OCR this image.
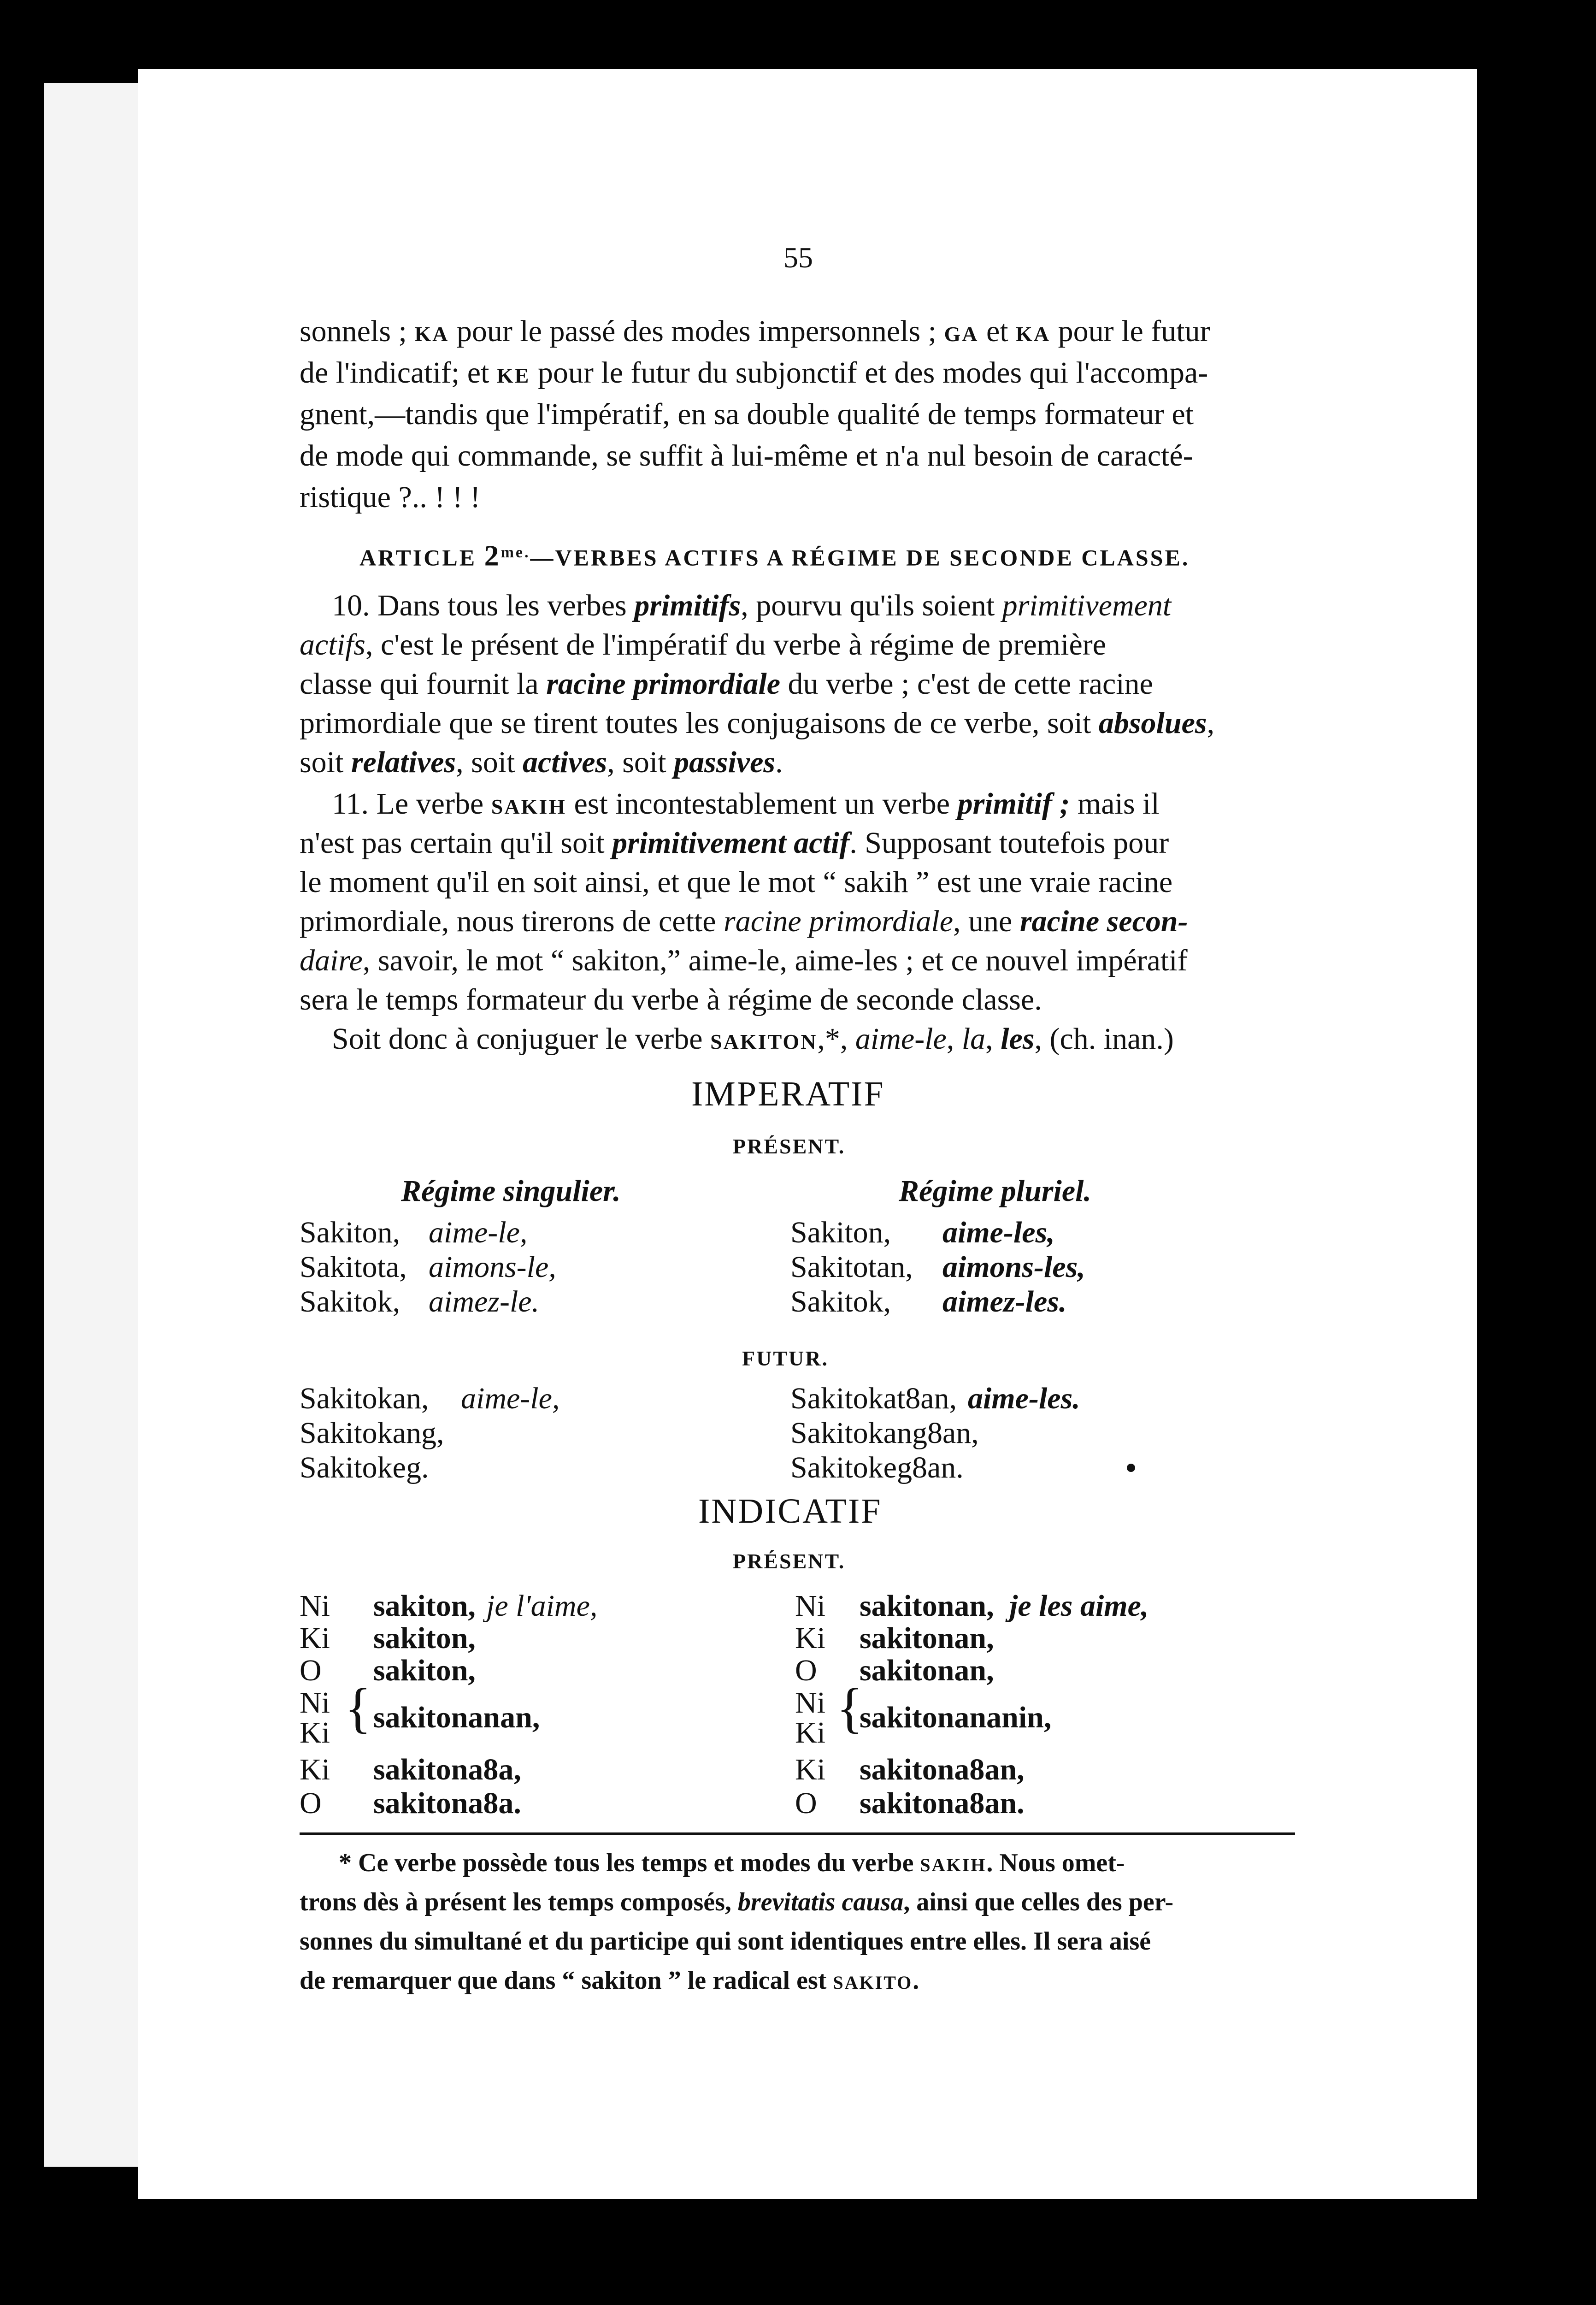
55
sonnels ; KA pour le passé des modes impersonnels ; GA et KA pour le futur
de l'indicatif; et KE pour le futur du subjonctif et des modes qui l'accompa-
gnent,—tandis que l'impératif, en sa double qualité de temps formateur et
de mode qui commande, se suffit à lui-même et n'a nul besoin de caracté-
ristique ?.. ! ! !
ARTICLE $2^{me.}—VERBES$ ACTIFS A RÉGIME DE SECONDE CLASSE.
10. Dans tous les verbes primitifs, pourvu qu'ils soient primitivement
actifs, c'est le présent de l'impératif du verbe à régime de première
classe qui fournit la racine primordiale du verbe ; c'est de cette racine
primordiale que se tirent toutes les conjugaisons de ce verbe, soit absolues,
soit relatives, soit actives, soit passives.
11. Le verbe SAKIH est incontestablement un verbe primitif ; mais il
n'est pas certain qu'il soit primitivement actif. Supposant toutefois pour
le moment qu'il en soit ainsi, et que le mot “ sakih ” est une vraie racine
primordiale, nous tirerons de cette racine primordiale, une racine secon-
daire, savoir, le mot “ sakiton,” aime-le, aime-les ; et ce nouvel impératif
sera le temps formateur du verbe à régime de seconde classe.
Soit donc à conjuguer le verbe SAKITON,*, aime-le, la, les, (ch. inan.)
IMPERATIF
PRÉSENT.
Régime singulier.	Régime pluriel.
Sakiton, aime-le,
Sakitota, aimons-le,
Sakitok, aimez-le.
Sakiton, aime-les,
Sakitotan, aimons-les,
Sakitok, aimez-les.
FUTUR.
Sakitokan, aime-le,
Sakitokang,
Sakitokeg.
Sakitokat8an, aime-les.
Sakitokang8an,
Sakitokeg8an.
INDICATIF
PRÉSENT.
Ni sakiton, je l'aime,
Ki sakiton,
O sakiton,
Ni
Ki { sakitonanan,
Ki sakitona8a,
O sakitona8a.
Ni sakitonan, je les aime,
Ki sakitonan,
O sakitonan,
Ni
Ki {
sakitonananin,
Ki sakitona8an,
O sakitona8an.
* Ce verbe possède tous les temps et modes du verbe SAKIH. Nous omet-
trons dès à présent les temps composés, brevitatis causa, ainsi que celles des per-
sonnes du simultané et du participe qui sont identiques entre elles. Il sera aisé
de remarquer que dans “ sakiton ” le radical est SAKITO.
